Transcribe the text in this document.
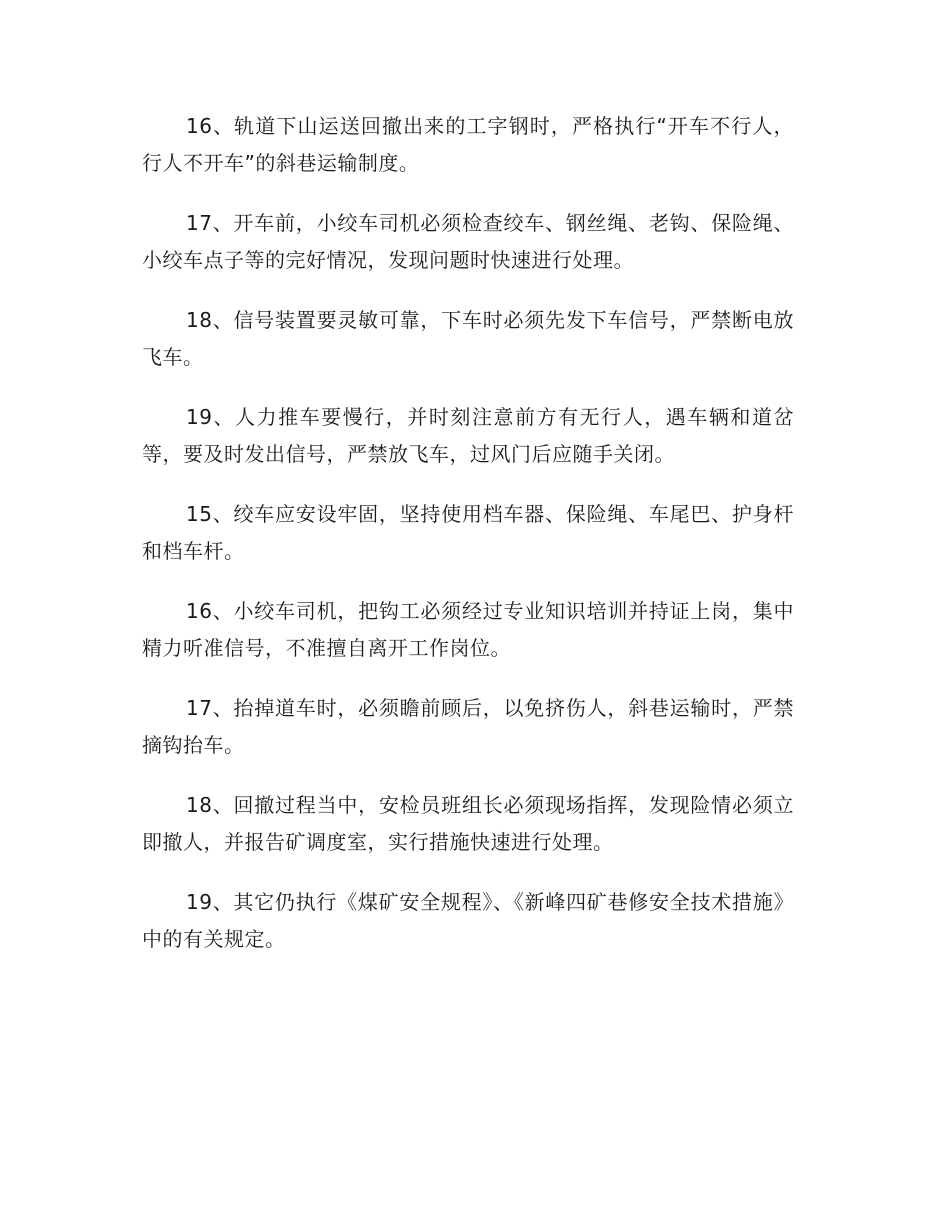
16、轨道下山运送回撤出来的工字钢时，严格执行“开车不行人，行人不开车”的斜巷运输制度。

17、开车前，小绞车司机必须检查绞车、钢丝绳、老钩、保险绳、小绞车点子等的完好情况，发现问题时快速进行处理。

18、信号装置要灵敏可靠，下车时必须先发下车信号，严禁断电放飞车。

19、人力推车要慢行，并时刻注意前方有无行人，遇车辆和道岔等，要及时发出信号，严禁放飞车，过风门后应随手关闭。

15、绞车应安设牢固，坚持使用档车器、保险绳、车尾巴、护身杆和档车杆。

16、小绞车司机，把钩工必须经过专业知识培训并持证上岗，集中精力听准信号，不准擅自离开工作岗位。

17、抬掉道车时，必须瞻前顾后，以免挤伤人，斜巷运输时，严禁摘钩抬车。

18、回撤过程当中，安检员班组长必须现场指挥，发现险情必须立即撤人，并报告矿调度室，实行措施快速进行处理。

19、其它仍执行《煤矿安全规程》、《新峰四矿巷修安全技术措施》中的有关规定。
